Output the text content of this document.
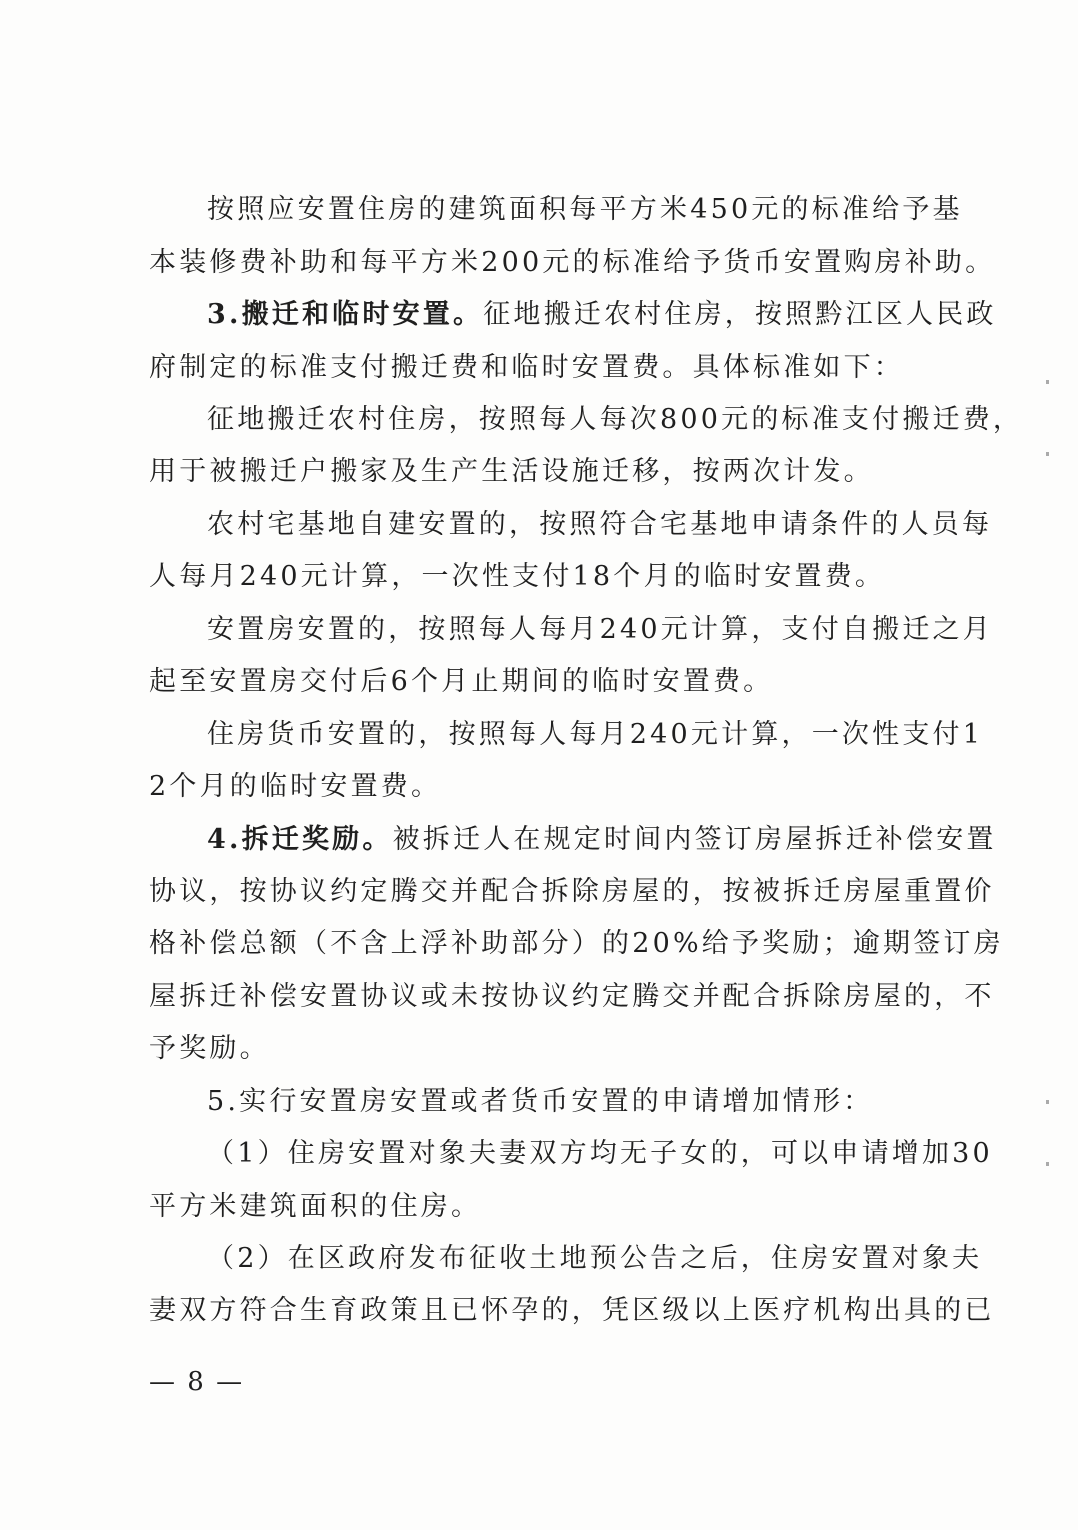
按照应安置住房的建筑面积每平方米450元的标准给予基
本装修费补助和每平方米200元的标准给予货币安置购房补助。
3.搬迁和临时安置。征地搬迁农村住房，按照黔江区人民政
府制定的标准支付搬迁费和临时安置费。具体标准如下：
征地搬迁农村住房，按照每人每次800元的标准支付搬迁费，
用于被搬迁户搬家及生产生活设施迁移，按两次计发。
农村宅基地自建安置的，按照符合宅基地申请条件的人员每
人每月240元计算，一次性支付18个月的临时安置费。
安置房安置的，按照每人每月240元计算，支付自搬迁之月
起至安置房交付后6个月止期间的临时安置费。
住房货币安置的，按照每人每月240元计算，一次性支付1
2个月的临时安置费。
4.拆迁奖励。被拆迁人在规定时间内签订房屋拆迁补偿安置
协议，按协议约定腾交并配合拆除房屋的，按被拆迁房屋重置价
格补偿总额（不含上浮补助部分）的20%给予奖励；逾期签订房
屋拆迁补偿安置协议或未按协议约定腾交并配合拆除房屋的，不
予奖励。
5.实行安置房安置或者货币安置的申请增加情形：
（1）住房安置对象夫妻双方均无子女的，可以申请增加30
平方米建筑面积的住房。
（2）在区政府发布征收土地预公告之后，住房安置对象夫
妻双方符合生育政策且已怀孕的，凭区级以上医疗机构出具的已
— 8 —
